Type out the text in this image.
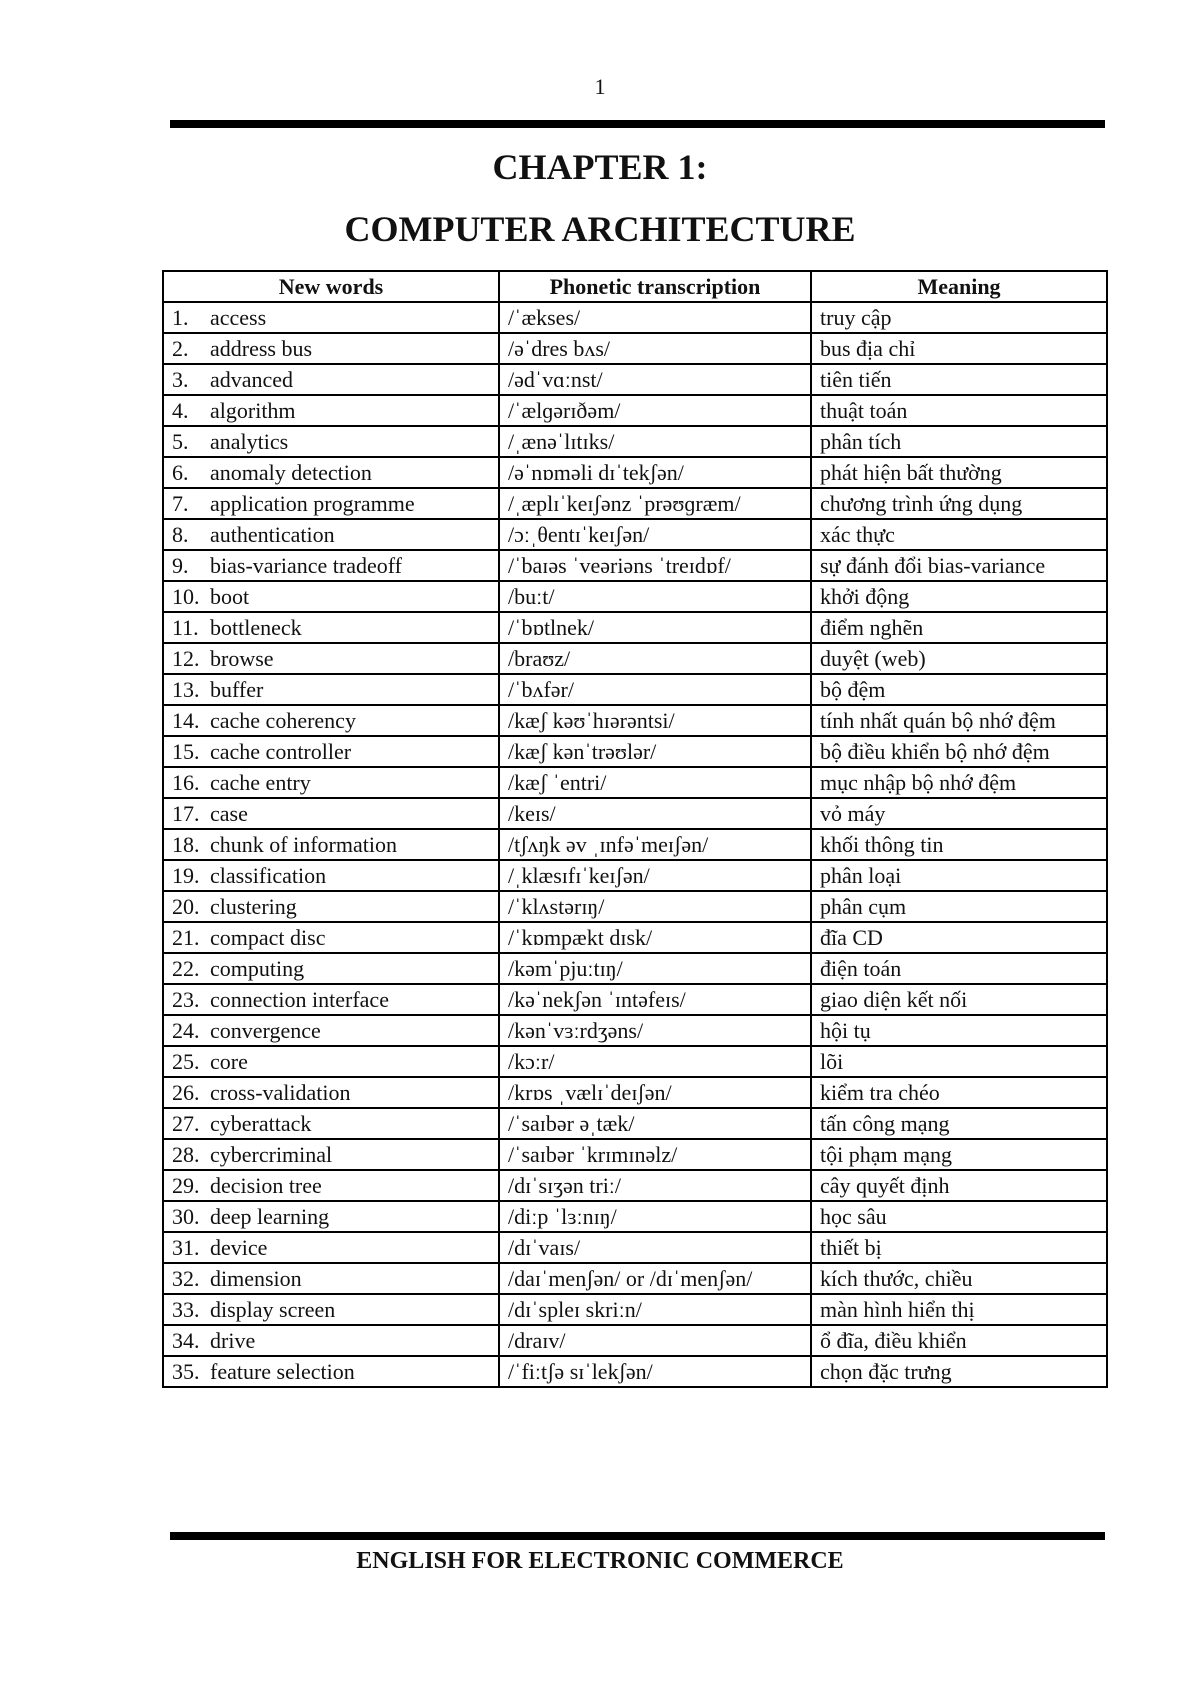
1
CHAPTER 1:
COMPUTER ARCHITECTURE
New words	Phonetic transcription	Meaning
1. access	/ˈækses/	truy cập
2. address bus	/əˈdres bʌs/	bus địa chỉ
3. advanced	/ədˈvɑːnst/	tiên tiến
4. algorithm	/ˈælɡərɪðəm/	thuật toán
5. analytics	/ˌænəˈlɪtɪks/	phân tích
6. anomaly detection	/əˈnɒməli dɪˈtekʃən/	phát hiện bất thường
7. application programme	/ˌæplɪˈkeɪʃənz ˈprəʊɡræm/	chương trình ứng dụng
8. authentication	/ɔːˌθentɪˈkeɪʃən/	xác thực
9. bias-variance tradeoff	/ˈbaɪəs ˈveəriəns ˈtreɪdɒf/	sự đánh đổi bias-variance
10. boot	/buːt/	khởi động
11. bottleneck	/ˈbɒtlnek/	điểm nghẽn
12. browse	/braʊz/	duyệt (web)
13. buffer	/ˈbʌfər/	bộ đệm
14. cache coherency	/kæʃ kəʊˈhɪərəntsi/	tính nhất quán bộ nhớ đệm
15. cache controller	/kæʃ kənˈtrəʊlər/	bộ điều khiển bộ nhớ đệm
16. cache entry	/kæʃ ˈentri/	mục nhập bộ nhớ đệm
17. case	/keɪs/	vỏ máy
18. chunk of information	/tʃʌŋk əv ˌɪnfəˈmeɪʃən/	khối thông tin
19. classification	/ˌklæsɪfɪˈkeɪʃən/	phân loại
20. clustering	/ˈklʌstərɪŋ/	phân cụm
21. compact disc	/ˈkɒmpækt dɪsk/	đĩa CD
22. computing	/kəmˈpjuːtɪŋ/	điện toán
23. connection interface	/kəˈnekʃən ˈɪntəfeɪs/	giao diện kết nối
24. convergence	/kənˈvɜːrdʒəns/	hội tụ
25. core	/kɔːr/	lõi
26. cross-validation	/krɒs ˌvælɪˈdeɪʃən/	kiểm tra chéo
27. cyberattack	/ˈsaɪbər əˌtæk/	tấn công mạng
28. cybercriminal	/ˈsaɪbər ˈkrɪmɪnəlz/	tội phạm mạng
29. decision tree	/dɪˈsɪʒən triː/	cây quyết định
30. deep learning	/diːp ˈlɜːnɪŋ/	học sâu
31. device	/dɪˈvaɪs/	thiết bị
32. dimension	/daɪˈmenʃən/ or /dɪˈmenʃən/	kích thước, chiều
33. display screen	/dɪˈspleɪ skriːn/	màn hình hiển thị
34. drive	/draɪv/	ổ đĩa, điều khiển
35. feature selection	/ˈfiːtʃə sɪˈlekʃən/	chọn đặc trưng
ENGLISH FOR ELECTRONIC COMMERCE
